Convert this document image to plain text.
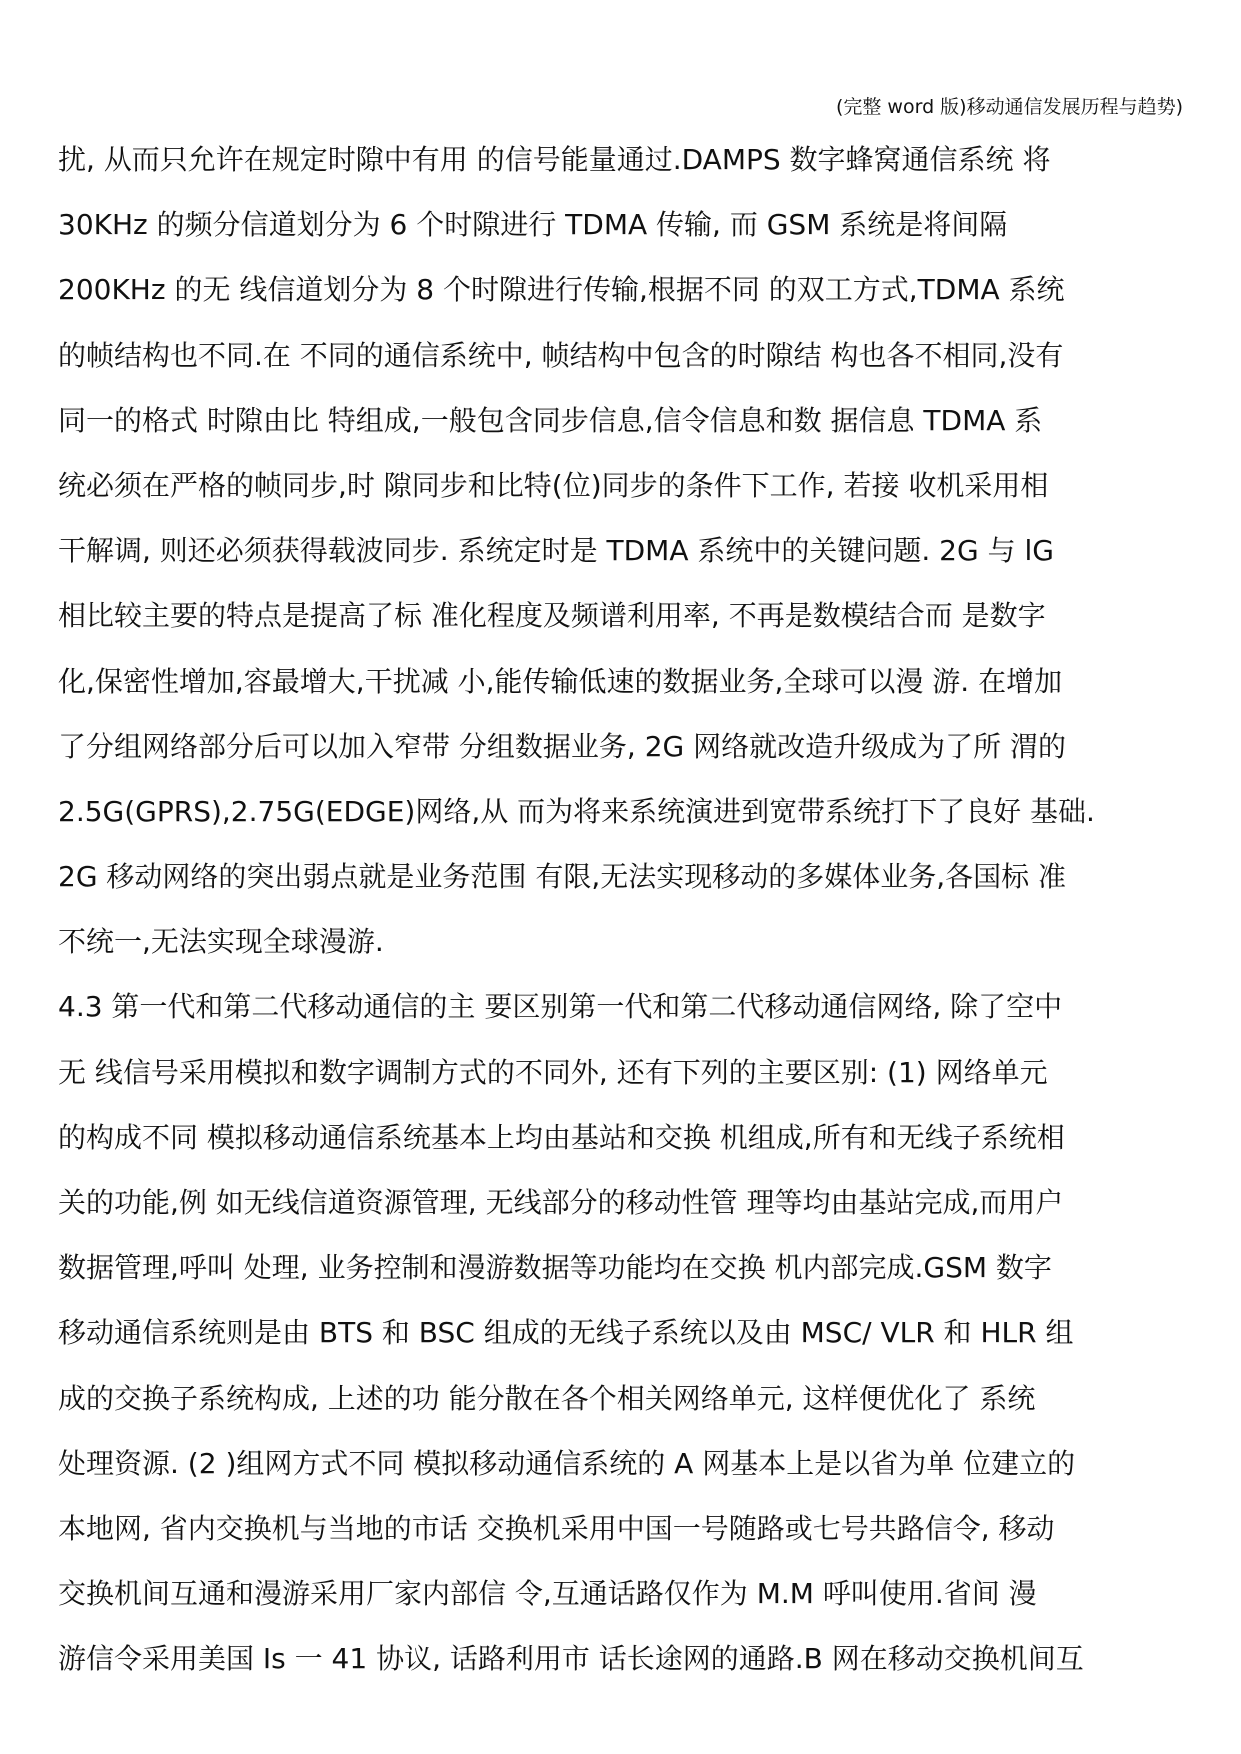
(完整 word 版)移动通信发展历程与趋势)
扰, 从而只允许在规定时隙中有用 的信号能量通过.DAMPS 数字蜂窝通信系统 将
30KHz 的频分信道划分为 6 个时隙进行 TDMA 传输, 而 GSM 系统是将间隔
200KHz 的无 线信道划分为 8 个时隙进行传输,根据不同 的双工方式,TDMA 系统
的帧结构也不同.在 不同的通信系统中, 帧结构中包含的时隙结 构也各不相同,没有
同一的格式 时隙由比 特组成,一般包含同步信息,信令信息和数 据信息 TDMA 系
统必须在严格的帧同步,时 隙同步和比特(位)同步的条件下工作, 若接 收机采用相
干解调, 则还必须获得载波同步. 系统定时是 TDMA 系统中的关键问题. 2G 与 lG
相比较主要的特点是提高了标 准化程度及频谱利用率, 不再是数模结合而 是数字
化,保密性增加,容最增大,干扰减 小,能传输低速的数据业务,全球可以漫 游. 在增加
了分组网络部分后可以加入窄带 分组数据业务, 2G 网络就改造升级成为了所 渭的
2.5G(GPRS),2.75G(EDGE)网络,从 而为将来系统演进到宽带系统打下了良好 基础.
2G 移动网络的突出弱点就是业务范围 有限,无法实现移动的多媒体业务,各国标 准
不统一,无法实现全球漫游.
4.3 第一代和第二代移动通信的主 要区别第一代和第二代移动通信网络, 除了空中
无 线信号采用模拟和数字调制方式的不同外, 还有下列的主要区别: (1) 网络单元
的构成不同 模拟移动通信系统基本上均由基站和交换 机组成,所有和无线子系统相
关的功能,例 如无线信道资源管理, 无线部分的移动性管 理等均由基站完成,而用户
数据管理,呼叫 处理, 业务控制和漫游数据等功能均在交换 机内部完成.GSM 数字
移动通信系统则是由 BTS 和 BSC 组成的无线子系统以及由 MSC/ VLR 和 HLR 组
成的交换子系统构成, 上述的功 能分散在各个相关网络单元, 这样便优化了 系统
处理资源. (2 )组网方式不同 模拟移动通信系统的 A 网基本上是以省为单 位建立的
本地网, 省内交换机与当地的市话 交换机采用中国一号随路或七号共路信令, 移动
交换机间互通和漫游采用厂家内部信 令,互通话路仅作为 M.M 呼叫使用.省间 漫
游信令采用美国 Is 一 41 协议, 话路利用市 话长途网的通路.B 网在移动交换机间互
